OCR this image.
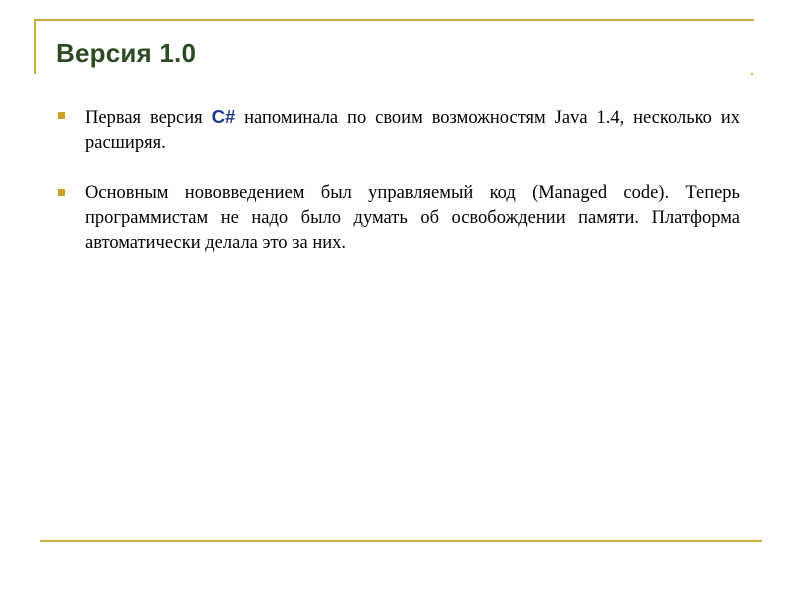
Версия 1.0
Первая версия C# напоминала по своим возможностям Java 1.4, несколько их расширяя.
Основным нововведением был управляемый код (Managed code). Теперь программистам не надо было думать об освобождении памяти. Платформа автоматически делала это за них.
